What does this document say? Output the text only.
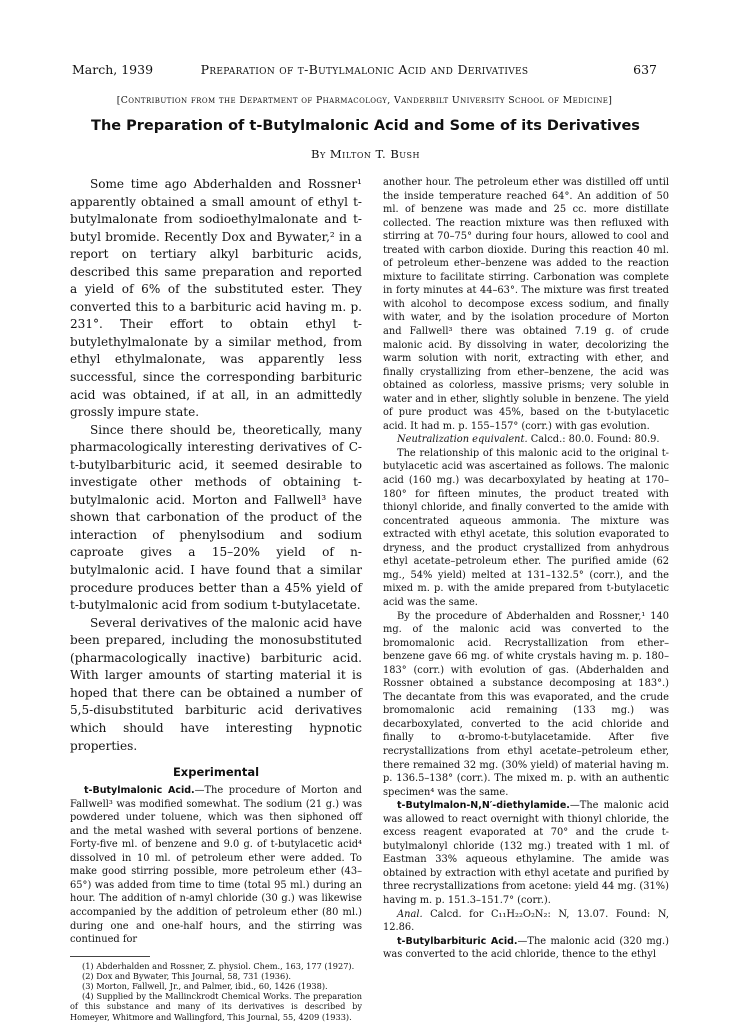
March, 1939	Preparation of t-Butylmalonic Acid and Derivatives	637
[Contribution from the Department of Pharmacology, Vanderbilt University School of Medicine]
The Preparation of t-Butylmalonic Acid and Some of its Derivatives
By Milton T. Bush

Some time ago Abderhalden and Rossner¹ apparently obtained a small amount of ethyl t-butylmalonate from sodioethylmalonate and t-butyl bromide. Recently Dox and Bywater,² in a report on tertiary alkyl barbituric acids, described this same preparation and reported a yield of 6% of the substituted ester. They converted this to a barbituric acid having m. p. 231°. Their effort to obtain ethyl t-butylethylmalonate by a similar method, from ethyl ethylmalonate, was apparently less successful, since the corresponding barbituric acid was obtained, if at all, in an admittedly grossly impure state.

Since there should be, theoretically, many pharmacologically interesting derivatives of C-t-butylbarbituric acid, it seemed desirable to investigate other methods of obtaining t-butylmalonic acid. Morton and Fallwell³ have shown that carbonation of the product of the interaction of phenylsodium and sodium caproate gives a 15–20% yield of n-butylmalonic acid. I have found that a similar procedure produces better than a 45% yield of t-butylmalonic acid from sodium t-butylacetate.

Several derivatives of the malonic acid have been prepared, including the monosubstituted (pharmacologically inactive) barbituric acid. With larger amounts of starting material it is hoped that there can be obtained a number of 5,5-disubstituted barbituric acid derivatives which should have interesting hypnotic properties.

Experimental

t-Butylmalonic Acid.—The procedure of Morton and Fallwell³ was modified somewhat. The sodium (21 g.) was powdered under toluene, which was then siphoned off and the metal washed with several portions of benzene. Forty-five ml. of benzene and 9.0 g. of t-butylacetic acid⁴ dissolved in 10 ml. of petroleum ether were added. To make good stirring possible, more petroleum ether (43–65°) was added from time to time (total 95 ml.) during an hour. The addition of n-amyl chloride (30 g.) was likewise accompanied by the addition of petroleum ether (80 ml.) during one and one-half hours, and the stirring was continued for

(1) Abderhalden and Rossner, Z. physiol. Chem., 163, 177 (1927).
(2) Dox and Bywater, This Journal, 58, 731 (1936).
(3) Morton, Fallwell, Jr., and Palmer, ibid., 60, 1426 (1938).
(4) Supplied by the Mallinckrodt Chemical Works. The preparation of this substance and many of its derivatives is described by Homeyer, Whitmore and Wallingford, This Journal, 55, 4209 (1933).

another hour. The petroleum ether was distilled off until the inside temperature reached 64°. An addition of 50 ml. of benzene was made and 25 cc. more distillate collected. The reaction mixture was then refluxed with stirring at 70–75° during four hours, allowed to cool and treated with carbon dioxide. During this reaction 40 ml. of petroleum ether–benzene was added to the reaction mixture to facilitate stirring. Carbonation was complete in forty minutes at 44–63°. The mixture was first treated with alcohol to decompose excess sodium, and finally with water, and by the isolation procedure of Morton and Fallwell³ there was obtained 7.19 g. of crude malonic acid. By dissolving in water, decolorizing the warm solution with norit, extracting with ether, and finally crystallizing from ether–benzene, the acid was obtained as colorless, massive prisms; very soluble in water and in ether, slightly soluble in benzene. The yield of pure product was 45%, based on the t-butylacetic acid. It had m. p. 155–157° (corr.) with gas evolution.

Neutralization equivalent. Calcd.: 80.0. Found: 80.9.

The relationship of this malonic acid to the original t-butylacetic acid was ascertained as follows. The malonic acid (160 mg.) was decarboxylated by heating at 170–180° for fifteen minutes, the product treated with thionyl chloride, and finally converted to the amide with concentrated aqueous ammonia. The mixture was extracted with ethyl acetate, this solution evaporated to dryness, and the product crystallized from anhydrous ethyl acetate–petroleum ether. The purified amide (62 mg., 54% yield) melted at 131–132.5° (corr.), and the mixed m. p. with the amide prepared from t-butylacetic acid was the same.

By the procedure of Abderhalden and Rossner,¹ 140 mg. of the malonic acid was converted to the bromomalonic acid. Recrystallization from ether–benzene gave 66 mg. of white crystals having m. p. 180–183° (corr.) with evolution of gas. (Abderhalden and Rossner obtained a substance decomposing at 183°.) The decantate from this was evaporated, and the crude bromomalonic acid remaining (133 mg.) was decarboxylated, converted to the acid chloride and finally to α-bromo-t-butylacetamide. After five recrystallizations from ethyl acetate–petroleum ether, there remained 32 mg. (30% yield) of material having m. p. 136.5–138° (corr.). The mixed m. p. with an authentic specimen⁴ was the same.

t-Butylmalon-N,N′-diethylamide.—The malonic acid was allowed to react overnight with thionyl chloride, the excess reagent evaporated at 70° and the crude t-butylmalonyl chloride (132 mg.) treated with 1 ml. of Eastman 33% aqueous ethylamine. The amide was obtained by extraction with ethyl acetate and purified by three recrystallizations from acetone: yield 44 mg. (31%) having m. p. 151.3–151.7° (corr.).

Anal. Calcd. for C₁₁H₂₂O₂N₂: N, 13.07. Found: N, 12.86.

t-Butylbarbituric Acid.—The malonic acid (320 mg.) was converted to the acid chloride, thence to the ethyl
